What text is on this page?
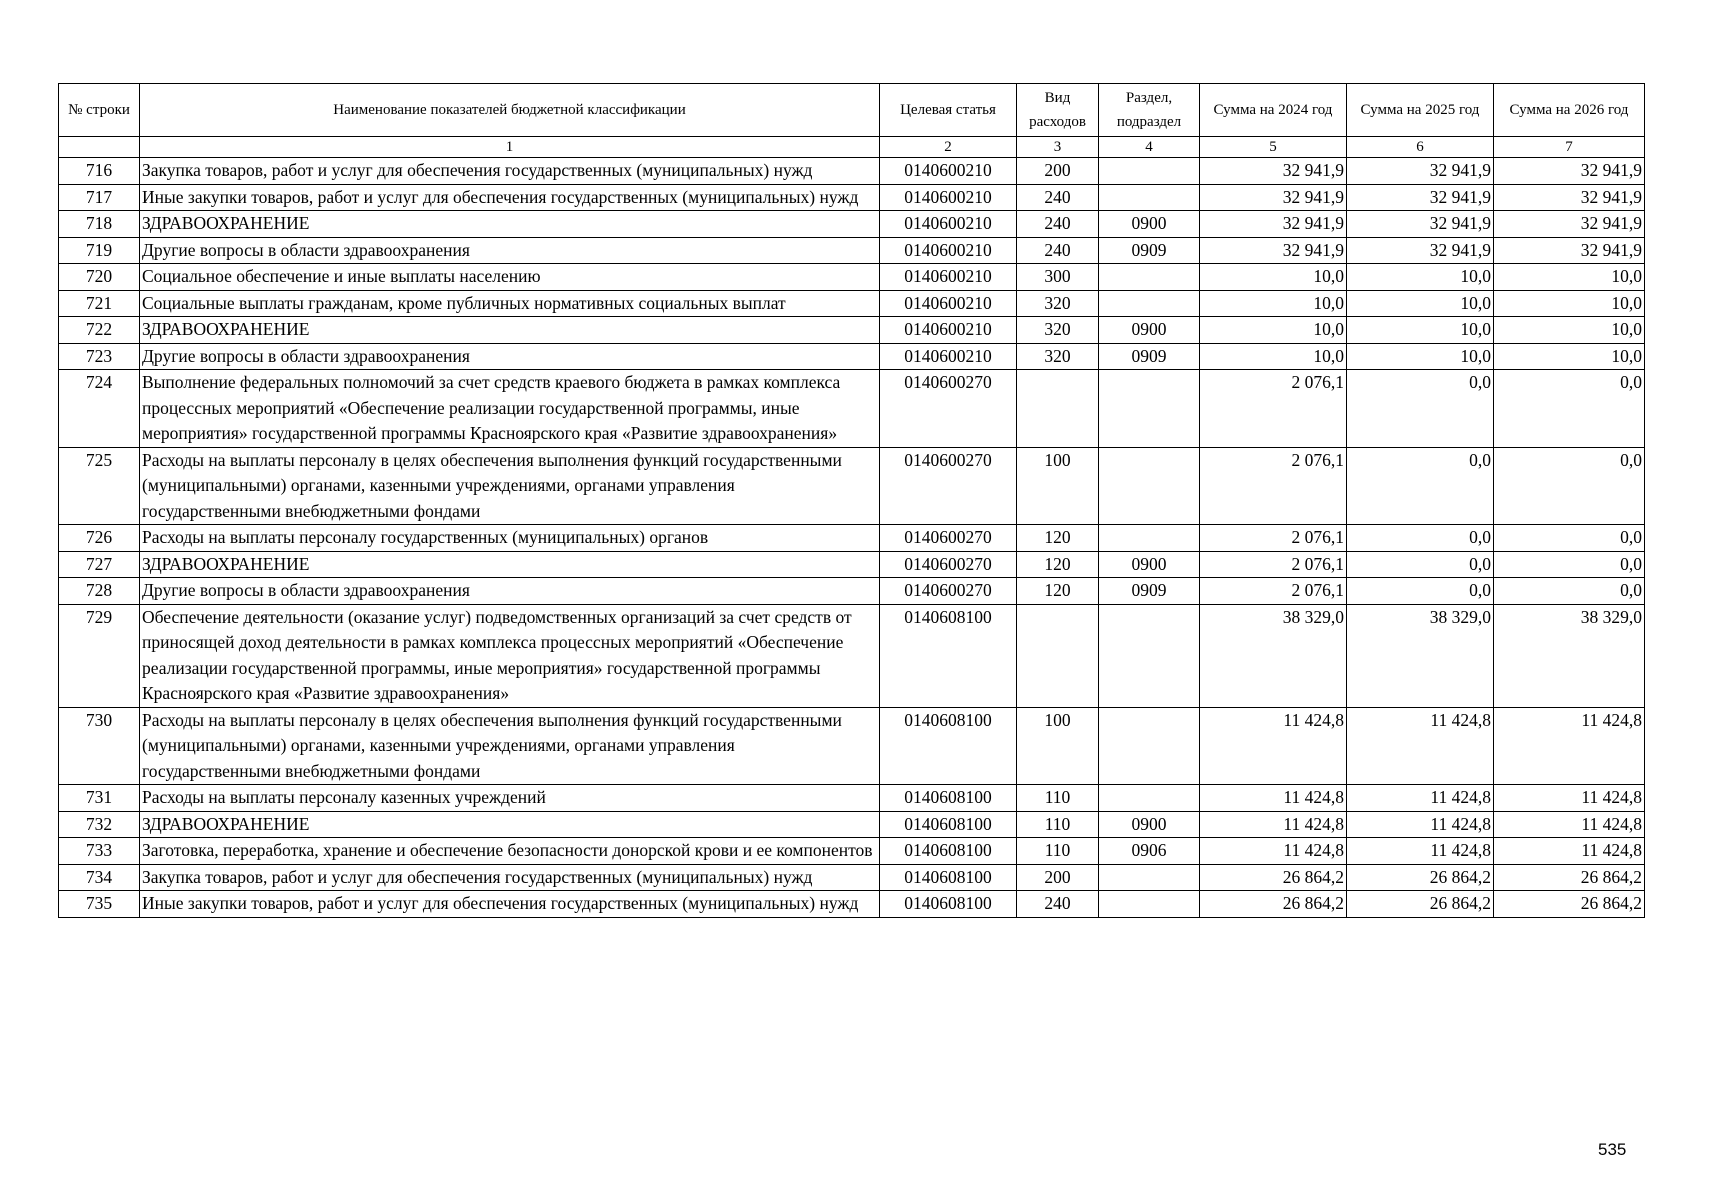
№ строки	Наименование показателей бюджетной классификации	Целевая статья	Вид расходов	Раздел, подраздел	Сумма на 2024 год	Сумма на 2025 год	Сумма на 2026 год
	1	2	3	4	5	6	7
716	Закупка товаров, работ и услуг для обеспечения государственных (муниципальных) нужд	0140600210	200		32 941,9	32 941,9	32 941,9
717	Иные закупки товаров, работ и услуг для обеспечения государственных (муниципальных) нужд	0140600210	240		32 941,9	32 941,9	32 941,9
718	ЗДРАВООХРАНЕНИЕ	0140600210	240	0900	32 941,9	32 941,9	32 941,9
719	Другие вопросы в области здравоохранения	0140600210	240	0909	32 941,9	32 941,9	32 941,9
720	Социальное обеспечение и иные выплаты населению	0140600210	300		10,0	10,0	10,0
721	Социальные выплаты гражданам, кроме публичных нормативных социальных выплат	0140600210	320		10,0	10,0	10,0
722	ЗДРАВООХРАНЕНИЕ	0140600210	320	0900	10,0	10,0	10,0
723	Другие вопросы в области здравоохранения	0140600210	320	0909	10,0	10,0	10,0
724	Выполнение федеральных полномочий за счет средств краевого бюджета в рамках комплекса процессных мероприятий «Обеспечение реализации государственной программы, иные мероприятия» государственной программы Красноярского края «Развитие здравоохранения»	0140600270			2 076,1	0,0	0,0
725	Расходы на выплаты персоналу в целях обеспечения выполнения функций государственными (муниципальными) органами, казенными учреждениями, органами управления государственными внебюджетными фондами	0140600270	100		2 076,1	0,0	0,0
726	Расходы на выплаты персоналу государственных (муниципальных) органов	0140600270	120		2 076,1	0,0	0,0
727	ЗДРАВООХРАНЕНИЕ	0140600270	120	0900	2 076,1	0,0	0,0
728	Другие вопросы в области здравоохранения	0140600270	120	0909	2 076,1	0,0	0,0
729	Обеспечение деятельности (оказание услуг) подведомственных организаций за счет средств от приносящей доход деятельности в рамках комплекса процессных мероприятий «Обеспечение реализации государственной программы, иные мероприятия» государственной программы Красноярского края «Развитие здравоохранения»	0140608100			38 329,0	38 329,0	38 329,0
730	Расходы на выплаты персоналу в целях обеспечения выполнения функций государственными (муниципальными) органами, казенными учреждениями, органами управления государственными внебюджетными фондами	0140608100	100		11 424,8	11 424,8	11 424,8
731	Расходы на выплаты персоналу казенных учреждений	0140608100	110		11 424,8	11 424,8	11 424,8
732	ЗДРАВООХРАНЕНИЕ	0140608100	110	0900	11 424,8	11 424,8	11 424,8
733	Заготовка, переработка, хранение и обеспечение безопасности донорской крови и ее компонентов	0140608100	110	0906	11 424,8	11 424,8	11 424,8
734	Закупка товаров, работ и услуг для обеспечения государственных (муниципальных) нужд	0140608100	200		26 864,2	26 864,2	26 864,2
735	Иные закупки товаров, работ и услуг для обеспечения государственных (муниципальных) нужд	0140608100	240		26 864,2	26 864,2	26 864,2
535
